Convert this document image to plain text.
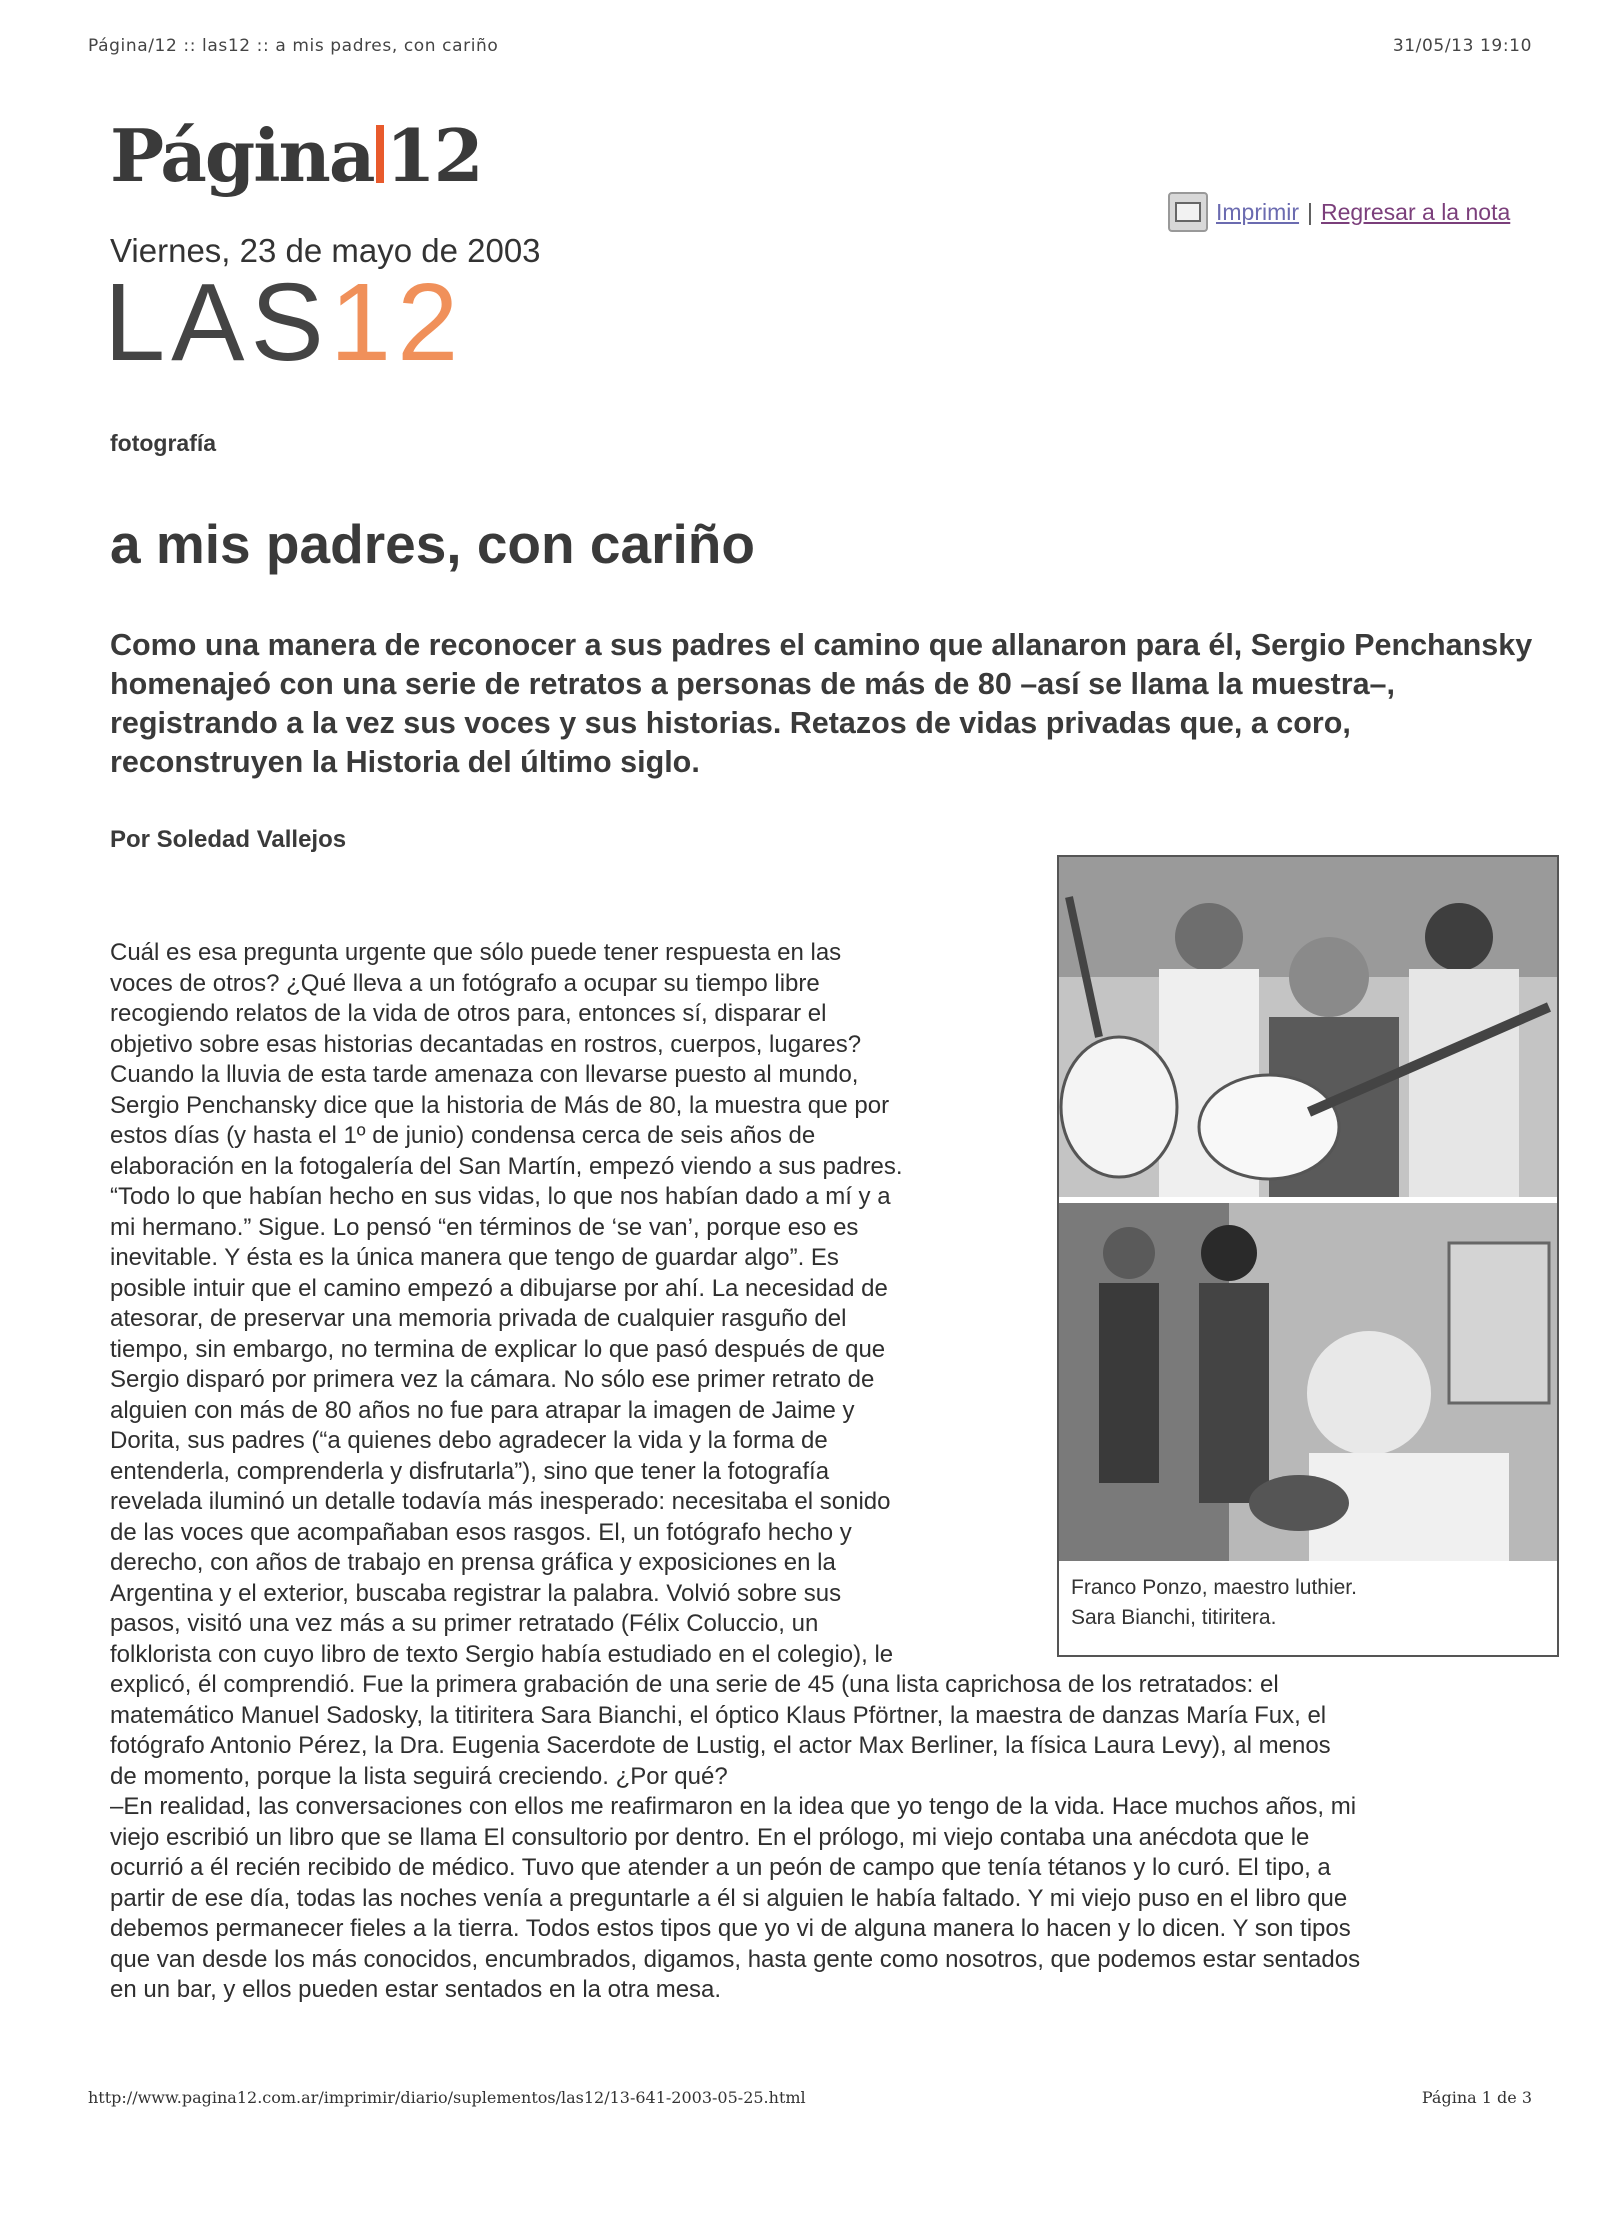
Página/12 :: las12 :: a mis padres, con cariño	31/05/13 19:10
Página 12
Viernes, 23 de mayo de 2003
LAS12
Imprimir | Regresar a la nota
fotografía
a mis padres, con cariño
Como una manera de reconocer a sus padres el camino que allanaron para él, Sergio Penchansky homenajeó con una serie de retratos a personas de más de 80 –así se llama la muestra–, registrando a la vez sus voces y sus historias. Retazos de vidas privadas que, a coro, reconstruyen la Historia del último siglo.
Por Soledad Vallejos
Franco Ponzo, maestro luthier.
Sara Bianchi, titiritera.
Cuál es esa pregunta urgente que sólo puede tener respuesta en las
voces de otros? ¿Qué lleva a un fotógrafo a ocupar su tiempo libre
recogiendo relatos de la vida de otros para, entonces sí, disparar el
objetivo sobre esas historias decantadas en rostros, cuerpos, lugares?
Cuando la lluvia de esta tarde amenaza con llevarse puesto al mundo,
Sergio Penchansky dice que la historia de Más de 80, la muestra que por
estos días (y hasta el 1º de junio) condensa cerca de seis años de
elaboración en la fotogalería del San Martín, empezó viendo a sus padres.
“Todo lo que habían hecho en sus vidas, lo que nos habían dado a mí y a
mi hermano.” Sigue. Lo pensó “en términos de ‘se van’, porque eso es
inevitable. Y ésta es la única manera que tengo de guardar algo”. Es
posible intuir que el camino empezó a dibujarse por ahí. La necesidad de
atesorar, de preservar una memoria privada de cualquier rasguño del
tiempo, sin embargo, no termina de explicar lo que pasó después de que
Sergio disparó por primera vez la cámara. No sólo ese primer retrato de
alguien con más de 80 años no fue para atrapar la imagen de Jaime y
Dorita, sus padres (“a quienes debo agradecer la vida y la forma de
entenderla, comprenderla y disfrutarla”), sino que tener la fotografía
revelada iluminó un detalle todavía más inesperado: necesitaba el sonido
de las voces que acompañaban esos rasgos. El, un fotógrafo hecho y
derecho, con años de trabajo en prensa gráfica y exposiciones en la
Argentina y el exterior, buscaba registrar la palabra. Volvió sobre sus
pasos, visitó una vez más a su primer retratado (Félix Coluccio, un
folklorista con cuyo libro de texto Sergio había estudiado en el colegio), le
explicó, él comprendió. Fue la primera grabación de una serie de 45 (una lista caprichosa de los retratados: el
matemático Manuel Sadosky, la titiritera Sara Bianchi, el óptico Klaus Pförtner, la maestra de danzas María Fux, el
fotógrafo Antonio Pérez, la Dra. Eugenia Sacerdote de Lustig, el actor Max Berliner, la física Laura Levy), al menos
de momento, porque la lista seguirá creciendo. ¿Por qué?
–En realidad, las conversaciones con ellos me reafirmaron en la idea que yo tengo de la vida. Hace muchos años, mi
viejo escribió un libro que se llama El consultorio por dentro. En el prólogo, mi viejo contaba una anécdota que le
ocurrió a él recién recibido de médico. Tuvo que atender a un peón de campo que tenía tétanos y lo curó. El tipo, a
partir de ese día, todas las noches venía a preguntarle a él si alguien le había faltado. Y mi viejo puso en el libro que
debemos permanecer fieles a la tierra. Todos estos tipos que yo vi de alguna manera lo hacen y lo dicen. Y son tipos
que van desde los más conocidos, encumbrados, digamos, hasta gente como nosotros, que podemos estar sentados
en un bar, y ellos pueden estar sentados en la otra mesa.
http://www.pagina12.com.ar/imprimir/diario/suplementos/las12/13-641-2003-05-25.html	Página 1 de 3
